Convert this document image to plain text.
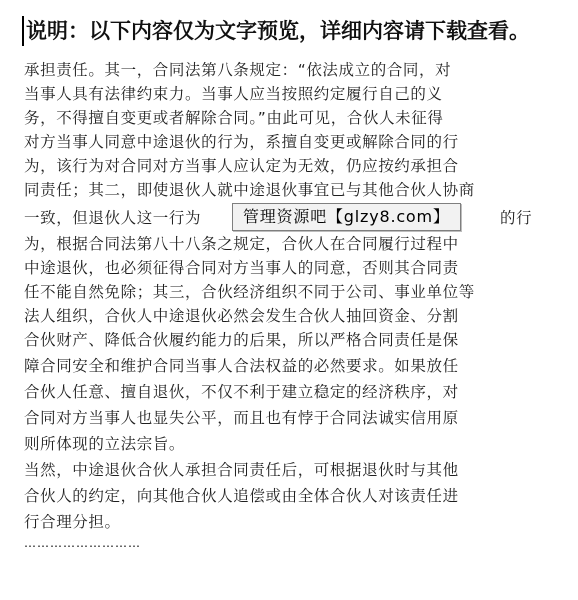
说明：以下内容仅为文字预览，详细内容请下载查看。
承担责任。其一，合同法第八条规定：“依法成立的合同，对
当事人具有法律约束力。当事人应当按照约定履行自己的义
务，不得擅自变更或者解除合同。”由此可见，合伙人未征得
对方当事人同意中途退伙的行为，系擅自变更或解除合同的行
为，该行为对合同对方当事人应认定为无效，仍应按约承担合
同责任；其二，即使退伙人就中途退伙事宜已与其他合伙人协商
一致，但退伙人这一行为	的行
为，根据合同法第八十八条之规定，合伙人在合同履行过程中
中途退伙，也必须征得合同对方当事人的同意，否则其合同责
任不能自然免除；其三，合伙经济组织不同于公司、事业单位等
法人组织，合伙人中途退伙必然会发生合伙人抽回资金、分割
合伙财产、降低合伙履约能力的后果，所以严格合同责任是保
障合同安全和维护合同当事人合法权益的必然要求。如果放任
合伙人任意、擅自退伙，不仅不利于建立稳定的经济秩序，对
合同对方当事人也显失公平，而且也有悖于合同法诚实信用原
则所体现的立法宗旨。
当然，中途退伙合伙人承担合同责任后，可根据退伙时与其他
合伙人的约定，向其他合伙人追偿或由全体合伙人对该责任进
行合理分担。
管理资源吧【glzy8.com】
………………………
